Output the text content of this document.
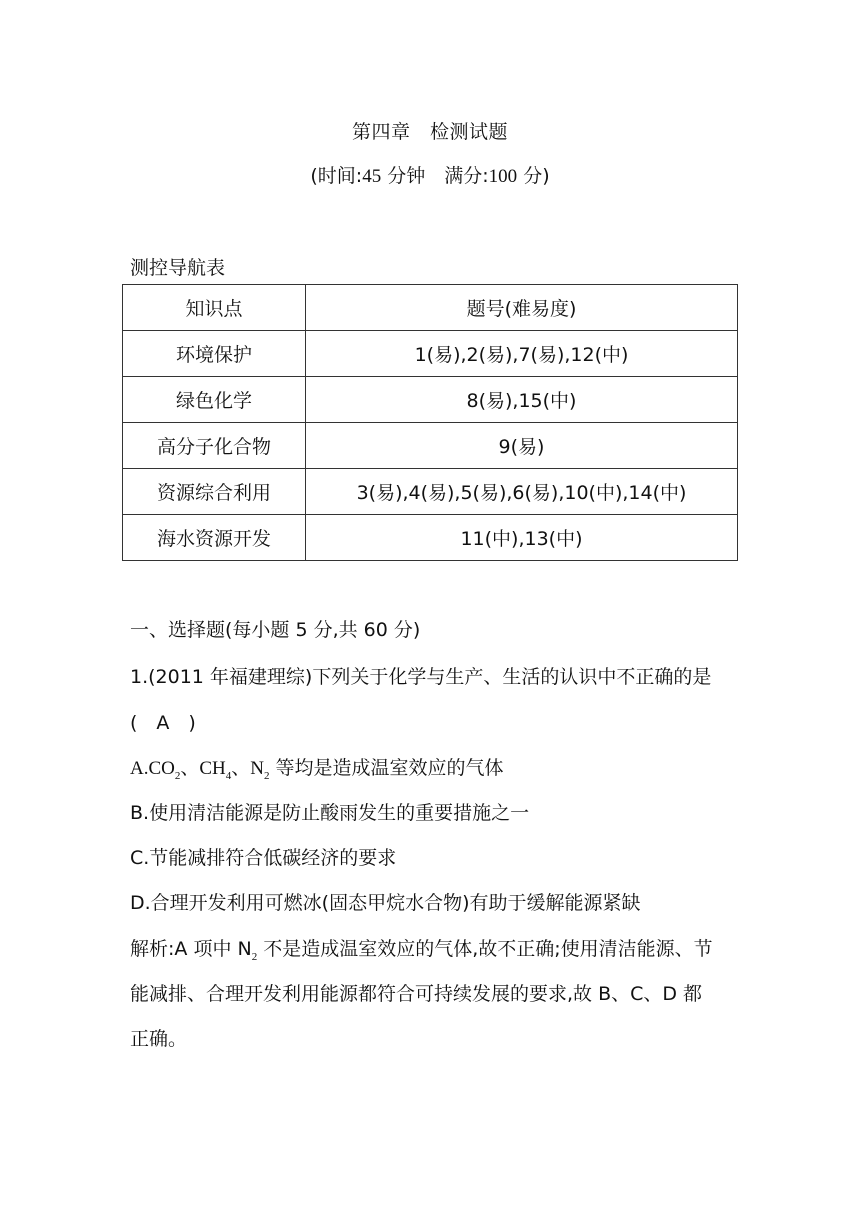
第四章　检测试题
(时间:45 分钟　满分:100 分)
测控导航表
知识点	题号(难易度)
环境保护	1(易),2(易),7(易),12(中)
绿色化学	8(易),15(中)
高分子化合物	9(易)
资源综合利用	3(易),4(易),5(易),6(易),10(中),14(中)
海水资源开发	11(中),13(中)
一、选择题(每小题 5 分,共 60 分)
1.(2011 年福建理综)下列关于化学与生产、生活的认识中不正确的是
(　A　)
$A.CO_2$、$CH_4$、$N_2$ 等均是造成温室效应的气体
B.使用清洁能源是防止酸雨发生的重要措施之一
C.节能减排符合低碳经济的要求
D.合理开发利用可燃冰(固态甲烷水合物)有助于缓解能源紧缺
解析:A 项中 $N_2$ 不是造成温室效应的气体,故不正确;使用清洁能源、节
能减排、合理开发利用能源都符合可持续发展的要求,故 B、C、D 都
正确。
